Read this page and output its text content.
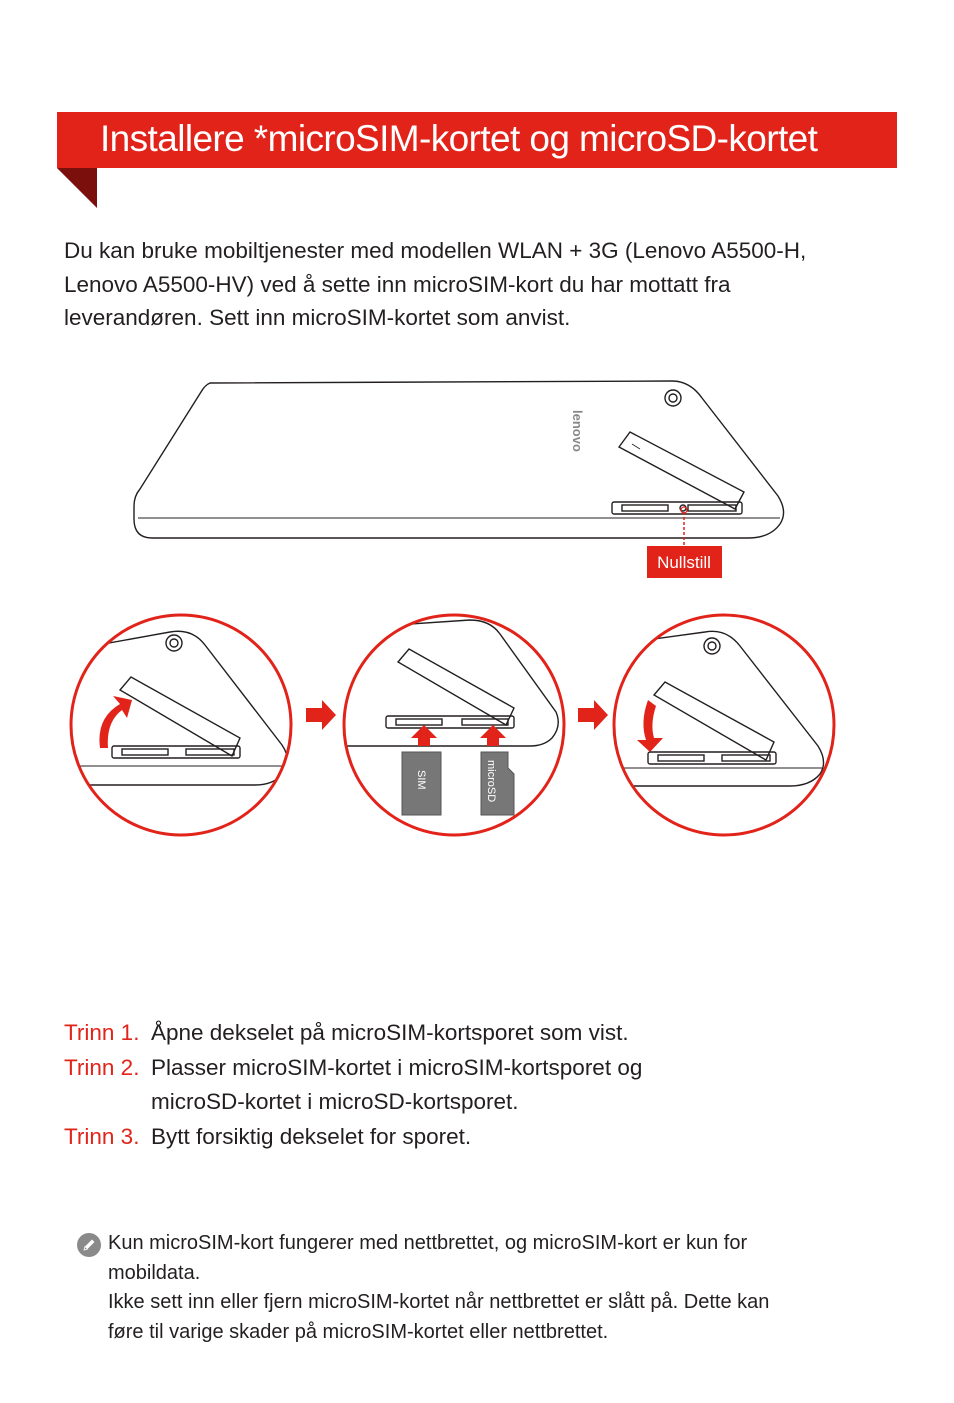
Installere *microSIM-kortet og microSD-kortet
Du kan bruke mobiltjenester med modellen WLAN + 3G (Lenovo A5500-H, Lenovo A5500-HV) ved å sette inn microSIM-kort du har mottatt fra leverandøren. Sett inn microSIM-kortet som anvist.
lenovo
Nullstill
SIM	microSD
Trinn 1. Åpne dekselet på microSIM-kortsporet som vist.
Trinn 2. Plasser microSIM-kortet i microSIM-kortsporet og microSD-kortet i microSD-kortsporet.
Trinn 3. Bytt forsiktig dekselet for sporet.
Kun microSIM-kort fungerer med nettbrettet, og microSIM-kort er kun for mobildata.
Ikke sett inn eller fjern microSIM-kortet når nettbrettet er slått på. Dette kan føre til varige skader på microSIM-kortet eller nettbrettet.
